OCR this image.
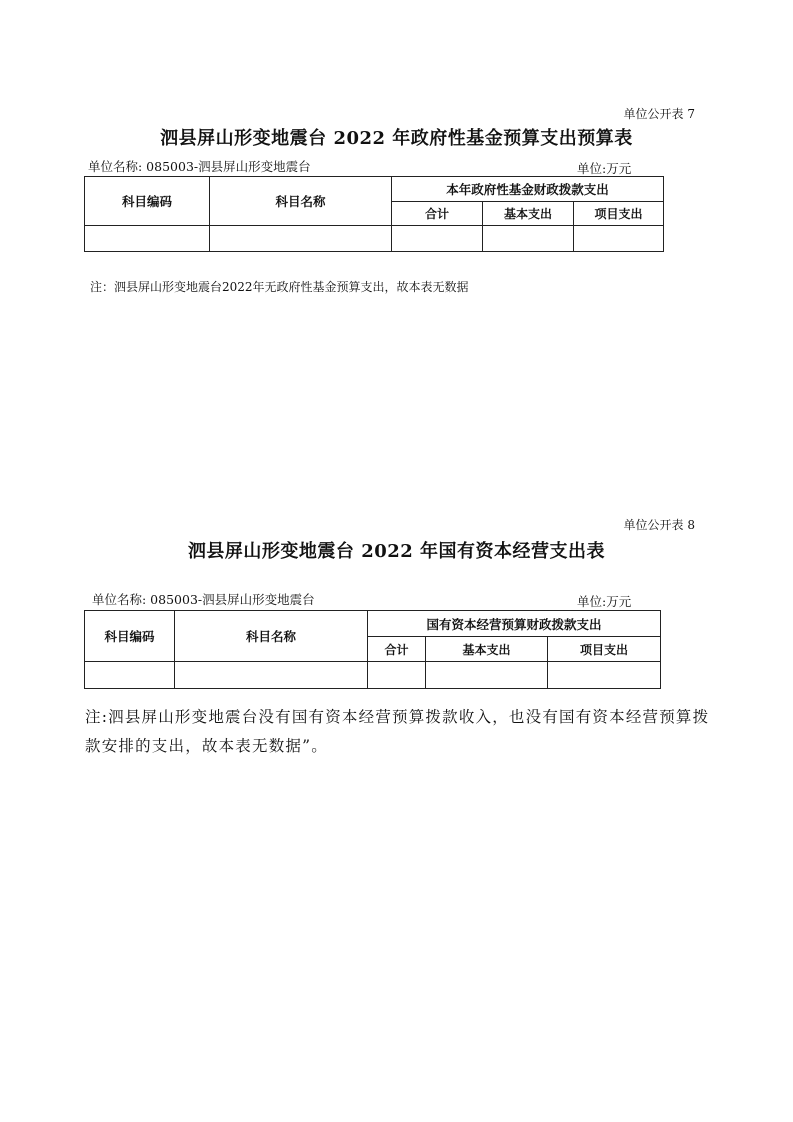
单位公开表 7
泗县屏山形变地震台 2022 年政府性基金预算支出预算表
单位名称: 085003-泗县屏山形变地震台	单位:万元
科目编码	科目名称	本年政府性基金财政拨款支出		
		合计	基本支出	项目支出

注：泗县屏山形变地震台2022年无政府性基金预算支出，故本表无数据
单位公开表 8
泗县屏山形变地震台 2022 年国有资本经营支出表
单位名称: 085003-泗县屏山形变地震台	单位:万元
科目编码	科目名称	国有资本经营预算财政拨款支出		
		合计	基本支出	项目支出

注:泗县屏山形变地震台没有国有资本经营预算拨款收入，也没有国有资本经营预算拨款安排的支出，故本表无数据”。
